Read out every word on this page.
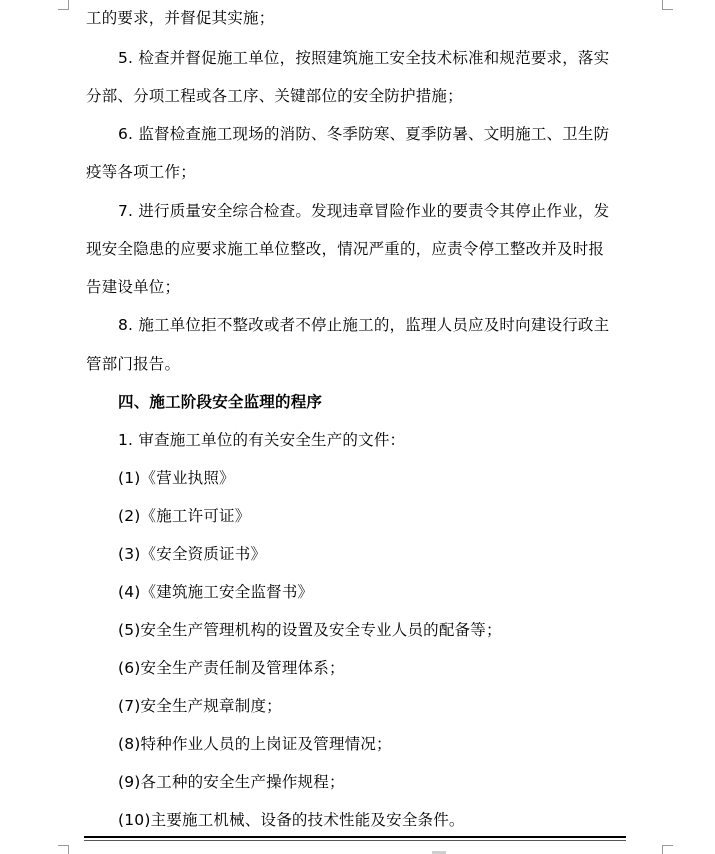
工的要求，并督促其实施；
5. 检查并督促施工单位，按照建筑施工安全技术标准和规范要求，落实
分部、分项工程或各工序、关键部位的安全防护措施；
6. 监督检查施工现场的消防、冬季防寒、夏季防暑、文明施工、卫生防
疫等各项工作；
7. 进行质量安全综合检查。发现违章冒险作业的要责令其停止作业，发
现安全隐患的应要求施工单位整改，情况严重的，应责令停工整改并及时报
告建设单位；
8. 施工单位拒不整改或者不停止施工的，监理人员应及时向建设行政主
管部门报告。
四、施工阶段安全监理的程序
1. 审查施工单位的有关安全生产的文件：
(1)《营业执照》
(2)《施工许可证》
(3)《安全资质证书》
(4)《建筑施工安全监督书》
(5)安全生产管理机构的设置及安全专业人员的配备等；
(6)安全生产责任制及管理体系；
(7)安全生产规章制度；
(8)特种作业人员的上岗证及管理情况；
(9)各工种的安全生产操作规程；
(10)主要施工机械、设备的技术性能及安全条件。
